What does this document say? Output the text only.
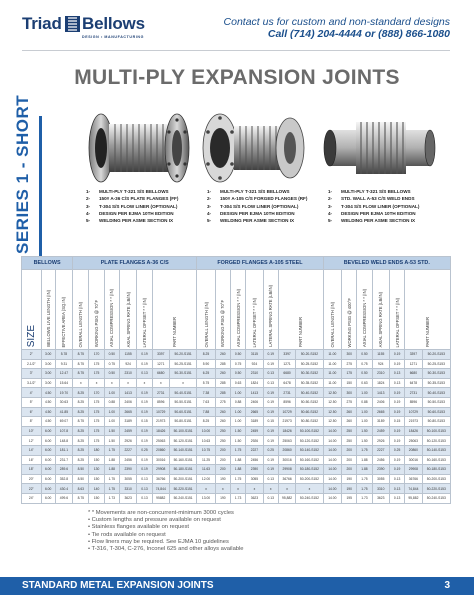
Triad Bellows
DESIGN • MANUFACTURING
Contact us for custom and non-standard designs
Call (714) 204-4444 or (888) 866-1080
MULTI-PLY EXPANSION JOINTS
SERIES 1 - SHORT	1- MULTI-PLY T-321 S/S BELLOWS
2- 150# A-36 C/S PLATE FLANGES (FF)
3- T-304 S/S FLOW LINER (OPTIONAL)
4- DESIGN PER EJMA 10TH EDITION
5- WELDING PER ASME SECTION IX
1- MULTI-PLY T-321 S/S BELLOWS
2- 150# A-105 C/S FORGED FLANGES (RF)
3- T-304 S/S FLOW LINER (OPTIONAL)
4- DESIGN PER EJMA 10TH EDITION
5- WELDING PER ASME SECTION IX
1- MULTI-PLY T-321 S/S BELLOWS
2- STD. WALL A-53 C/S WELD ENDS
3- T-304 S/S FLOW LINER (OPTIONAL)
4- DESIGN PER EJMA 10TH EDITION
5- WELDING PER ASME SECTION IX
BELLOWS			PLATE FLANGES A-36 C/S							FORGED FLANGES A-105 STEEL							BEVELED WELD ENDS A-53 STD.						

SIZE	BELLOWS LIVE LENGTH (IN)	EFFECTIVE AREA (SQ.IN)	OVERALL LENGTH (IN)	WORKING PSIG @ 70°F	AXIAL COMPRESSION * * (IN)	AXIAL SPRING RATE (LB/IN)	LATERAL OFFSET * * (IN)	PART NUMBER		OVERALL LENGTH (IN)	WORKING PSIG @ 70°F	AXIAL COMPRESSION * * (IN)	LATERAL OFFSET * * (IN)	LATERAL SPRING RATE (LB/IN)	PART NUMBER		OVERALL LENGTH (IN)	WORKING PSIG @ 400°F	AXIAL COMPRESSION * * (IN)	AXIAL SPRING RATE (LB/IN)	LATERAL OFFSET * * (IN)	PART NUMBER	

2"	3.00	5.78	8.75	170	0.50	1155	0.19	3397	50-20-S151	8.25	260	0.50	3115	0.19	3397	50-20-S152	11.00	300	0.50	1155	0.19	3397	50-20-S153
2-1/2"	3.00	9.31	8.75	175	0.75	924	0.19	1271	50-25-S151	5.90	285	0.75	924	0.19	1271	50-25-S152	11.00	275	0.75	924	0.19	1271	50-25-S153
3"	3.00	12.47	8.75	175	0.50	2310	0.13	6680	50-30-S151	6.25	260	0.50	2310	0.13	6680	50-30-S152	11.00	175	0.50	2310	0.13	6680	50-30-S153
3-1/2"	3.00	15.64	x	x	x	x	x	x	x	5.75	285	0.63	1824	0.13	6478	50-35-S152	11.00	150	0.63	1824	0.13	6478	50-35-S153
4"	4.50	19.70	8.25	170	1.00	1413	0.19	2731	50-40-S151	7.38	285	1.00	1413	0.19	2731	50-40-S152	12.50	300	1.00	1413	0.19	2731	50-40-S153
5"	4.50	30.63	8.25	175	0.88	2406	0.19	8596	50-50-S151	7.63	275	0.88	2406	0.19	8596	50-50-S152	12.50	275	0.88	2406	0.19	8596	50-50-S153
6"	4.50	41.85	8.25	175	1.00	2665	0.19	10729	50-60-S151	7.88	260	1.00	2665	0.19	10729	50-60-S152	12.50	260	1.00	2665	0.19	10729	50-60-S153
8"	4.50	69.07	8.75	175	1.00	3189	0.15	21973	50-80-S151	8.25	260	1.00	3189	0.15	21973	50-80-S152	12.50	260	1.00	3189	0.15	21973	50-80-S153
10"	6.00	107.8	8.25	175	1.50	2459	0.19	18426	50-100-S151	10.00	250	1.50	2459	0.19	18426	50-100-S152	14.00	250	1.50	2459	0.19	18426	50-100-S153
12"	6.00	148.8	8.25	175	1.50	2926	0.19	25063	50-120-S151	10.63	250	1.50	2926	0.19	25063	50-120-S152	14.00	250	1.50	2926	0.19	25063	50-120-S153
14"	6.00	181.1	8.25	180	1.75	2227	0.25	20860	50-140-S151	10.75	200	1.75	2227	0.25	20860	50-140-S152	14.00	200	1.75	2227	0.25	20860	50-140-S153
16"	6.00	231.7	8.25	150	1.88	2456	0.19	30016	50-160-S151	11.25	200	1.88	2456	0.19	30016	50-160-S152	14.00	200	1.88	2456	0.19	30016	50-160-S153
18"	6.00	289.6	8.50	130	1.88	2390	0.19	29908	50-180-S151	11.63	200	1.88	2390	0.19	29908	50-180-S152	14.00	200	1.88	2390	0.19	29908	50-180-S153
20"	6.00	352.8	8.50	150	1.75	3055	0.13	36766	50-200-S151	12.00	190	1.75	3055	0.13	36766	50-200-S152	14.00	190	1.75	3055	0.13	36766	50-200-S153
22"	6.00	430.4	8.63	140	1.75	3310	0.13	74,844	50-220-S151	x	x	x	x	x	x	x	14.00	190	1.75	3310	0.13	74,844	50-220-S153
24"	6.00	499.6	8.75	150	1.73	3623	0.13	95882	50-240-S151	13.00	190	1.73	3623	0.13	95,882	50-240-S152	14.00	195	1.73	3623	0.13	95,882	50-240-S153
* * Movements are non-concurrent-minimum 3000 cycles
• Custom lengths and pressure available on request
• Stainless flanges available on request
• Tie rods available on request
• Flow liners may be required. See EJMA 10 guidelines
• T-316, T-304, C-276, Inconel 625 and other alloys available
STANDARD METAL EXPANSION JOINTS	3
